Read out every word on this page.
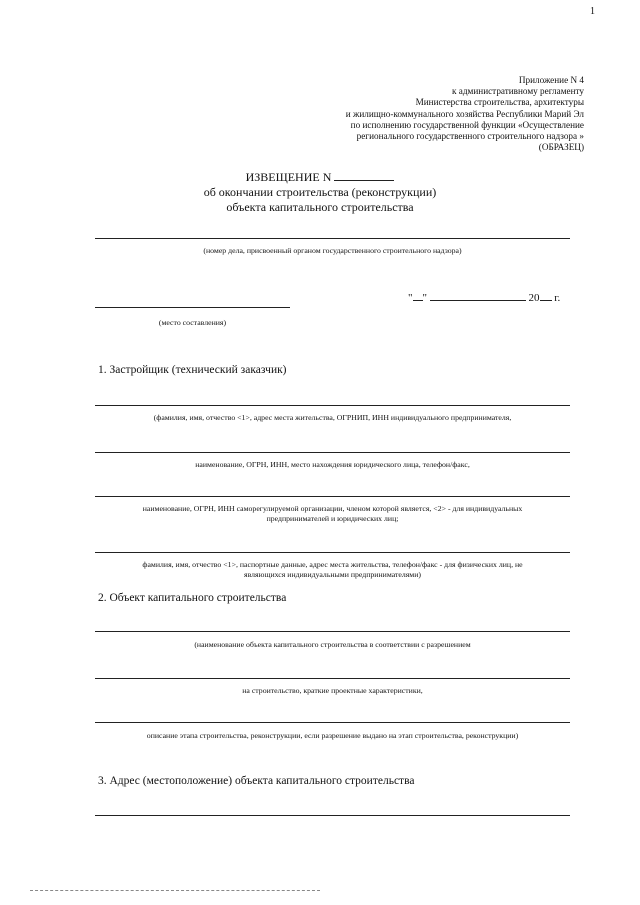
1
Приложение N 4
к административному регламенту
Министерства строительства, архитектуры
и жилищно-коммунального хозяйства Республики Марий Эл
по исполнению государственной функции «Осуществление
регионального государственного строительного надзора »
(ОБРАЗЕЦ)
ИЗВЕЩЕНИЕ N
об окончании строительства (реконструкции)
объекта капитального строительства
(номер дела, присвоенный органом государственного строительного надзора)
(место составления)
" "	20 г.
1. Застройщик (технический заказчик)
(фамилия, имя, отчество <1>, адрес места жительства, ОГРНИП, ИНН индивидуального предпринимателя,
наименование, ОГРН, ИНН, место нахождения юридического лица, телефон/факс,
наименование, ОГРН, ИНН саморегулируемой организации, членом которой является, <2> - для индивидуальных
предпринимателей и юридических лиц;
фамилия, имя, отчество <1>, паспортные данные, адрес места жительства, телефон/факс - для физических лиц, не
являющихся индивидуальными предпринимателями)
2. Объект капитального строительства
(наименование объекта капитального строительства в соответствии с разрешением
на строительство, краткие проектные характеристики,
описание этапа строительства, реконструкции, если разрешение выдано на этап строительства, реконструкции)
3. Адрес (местоположение) объекта капитального строительства
